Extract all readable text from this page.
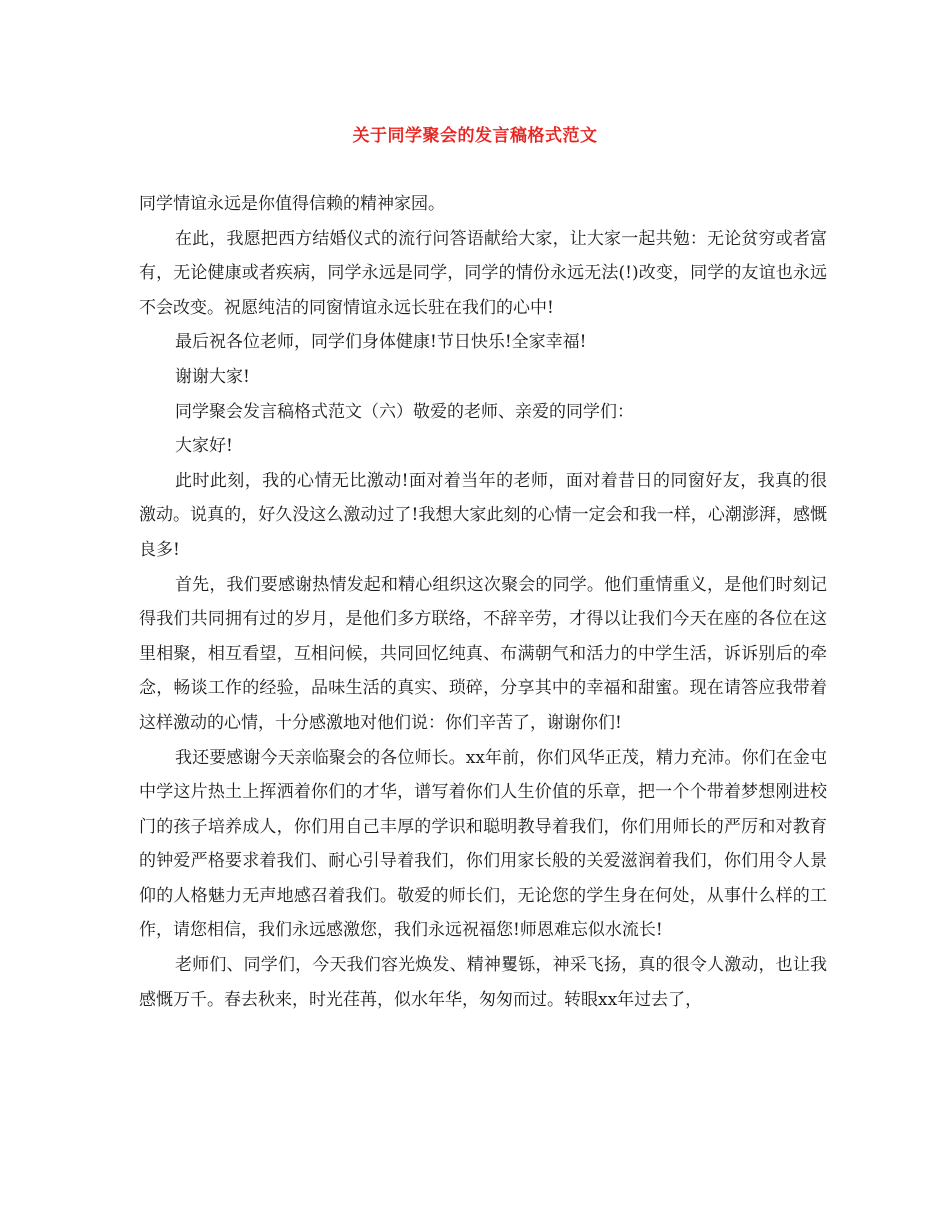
关于同学聚会的发言稿格式范文

同学情谊永远是你值得信赖的精神家园。

在此，我愿把西方结婚仪式的流行问答语献给大家，让大家一起共勉：无论贫穷或者富有，无论健康或者疾病，同学永远是同学，同学的情份永远无法(!)改变，同学的友谊也永远不会改变。祝愿纯洁的同窗情谊永远长驻在我们的心中!

最后祝各位老师，同学们身体健康!节日快乐!全家幸福!

谢谢大家!

同学聚会发言稿格式范文（六）敬爱的老师、亲爱的同学们：

大家好!

此时此刻，我的心情无比激动!面对着当年的老师，面对着昔日的同窗好友，我真的很激动。说真的，好久没这么激动过了!我想大家此刻的心情一定会和我一样，心潮澎湃，感慨良多!

首先，我们要感谢热情发起和精心组织这次聚会的同学。他们重情重义，是他们时刻记得我们共同拥有过的岁月，是他们多方联络，不辞辛劳，才得以让我们今天在座的各位在这里相聚，相互看望，互相问候，共同回忆纯真、布满朝气和活力的中学生活，诉诉别后的牵念，畅谈工作的经验，品味生活的真实、琐碎，分享其中的幸福和甜蜜。现在请答应我带着这样激动的心情，十分感激地对他们说：你们辛苦了，谢谢你们!

我还要感谢今天亲临聚会的各位师长。xx年前，你们风华正茂，精力充沛。你们在金屯中学这片热土上挥洒着你们的才华，谱写着你们人生价值的乐章，把一个个带着梦想刚进校门的孩子培养成人，你们用自己丰厚的学识和聪明教导着我们，你们用师长的严厉和对教育的钟爱严格要求着我们、耐心引导着我们，你们用家长般的关爱滋润着我们，你们用令人景仰的人格魅力无声地感召着我们。敬爱的师长们，无论您的学生身在何处，从事什么样的工作，请您相信，我们永远感激您，我们永远祝福您!师恩难忘似水流长!

老师们、同学们，今天我们容光焕发、精神矍铄，神采飞扬，真的很令人激动，也让我感慨万千。春去秋来，时光荏苒，似水年华，匆匆而过。转眼xx年过去了，
